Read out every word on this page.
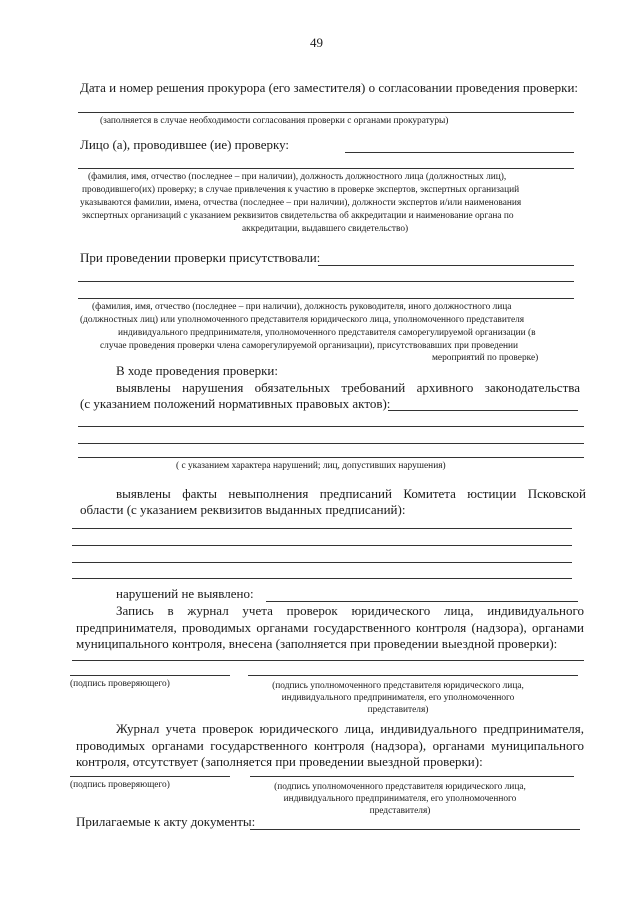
49
Дата и номер решения прокурора (его заместителя) о согласовании проведения проверки:
(заполняется в случае необходимости согласования проверки с органами прокуратуры)
Лицо (а), проводившее (ие) проверку:
(фамилия, имя, отчество (последнее – при наличии), должность должностного лица (должностных лиц),
проводившего(их) проверку; в случае привлечения к участию в проверке экспертов, экспертных организаций
указываются фамилии, имена, отчества (последнее – при наличии), должности экспертов и/или наименования
экспертных организаций с указанием реквизитов свидетельства об аккредитации и наименование органа по
аккредитации, выдавшего свидетельство)
При проведении проверки присутствовали:
(фамилия, имя, отчество (последнее – при наличии), должность руководителя, иного должностного лица
(должностных лиц) или уполномоченного представителя юридического лица, уполномоченного представителя
индивидуального предпринимателя, уполномоченного представителя саморегулируемой организации (в
случае проведения проверки члена саморегулируемой организации), присутствовавших при проведении
мероприятий по проверке)
В ходе проведения проверки:
выявлены нарушения обязательных требований архивного законодательства
(с указанием положений нормативных правовых актов):
( с указанием характера нарушений; лиц, допустивших нарушения)
выявлены факты невыполнения предписаний Комитета юстиции Псковской
области (с указанием реквизитов выданных предписаний):
нарушений не выявлено:
Запись в журнал учета проверок юридического лица, индивидуального
предпринимателя, проводимых органами государственного контроля (надзора), органами
муниципального контроля, внесена (заполняется при проведении выездной проверки):
(подпись проверяющего)	(подпись уполномоченного представителя юридического лица,
индивидуального предпринимателя, его уполномоченного
представителя)
Журнал учета проверок юридического лица, индивидуального предпринимателя,
проводимых органами государственного контроля (надзора), органами муниципального
контроля, отсутствует (заполняется при проведении выездной проверки):
(подпись проверяющего)	(подпись уполномоченного представителя юридического лица,
индивидуального предпринимателя, его уполномоченного
представителя)
Прилагаемые к акту документы:
